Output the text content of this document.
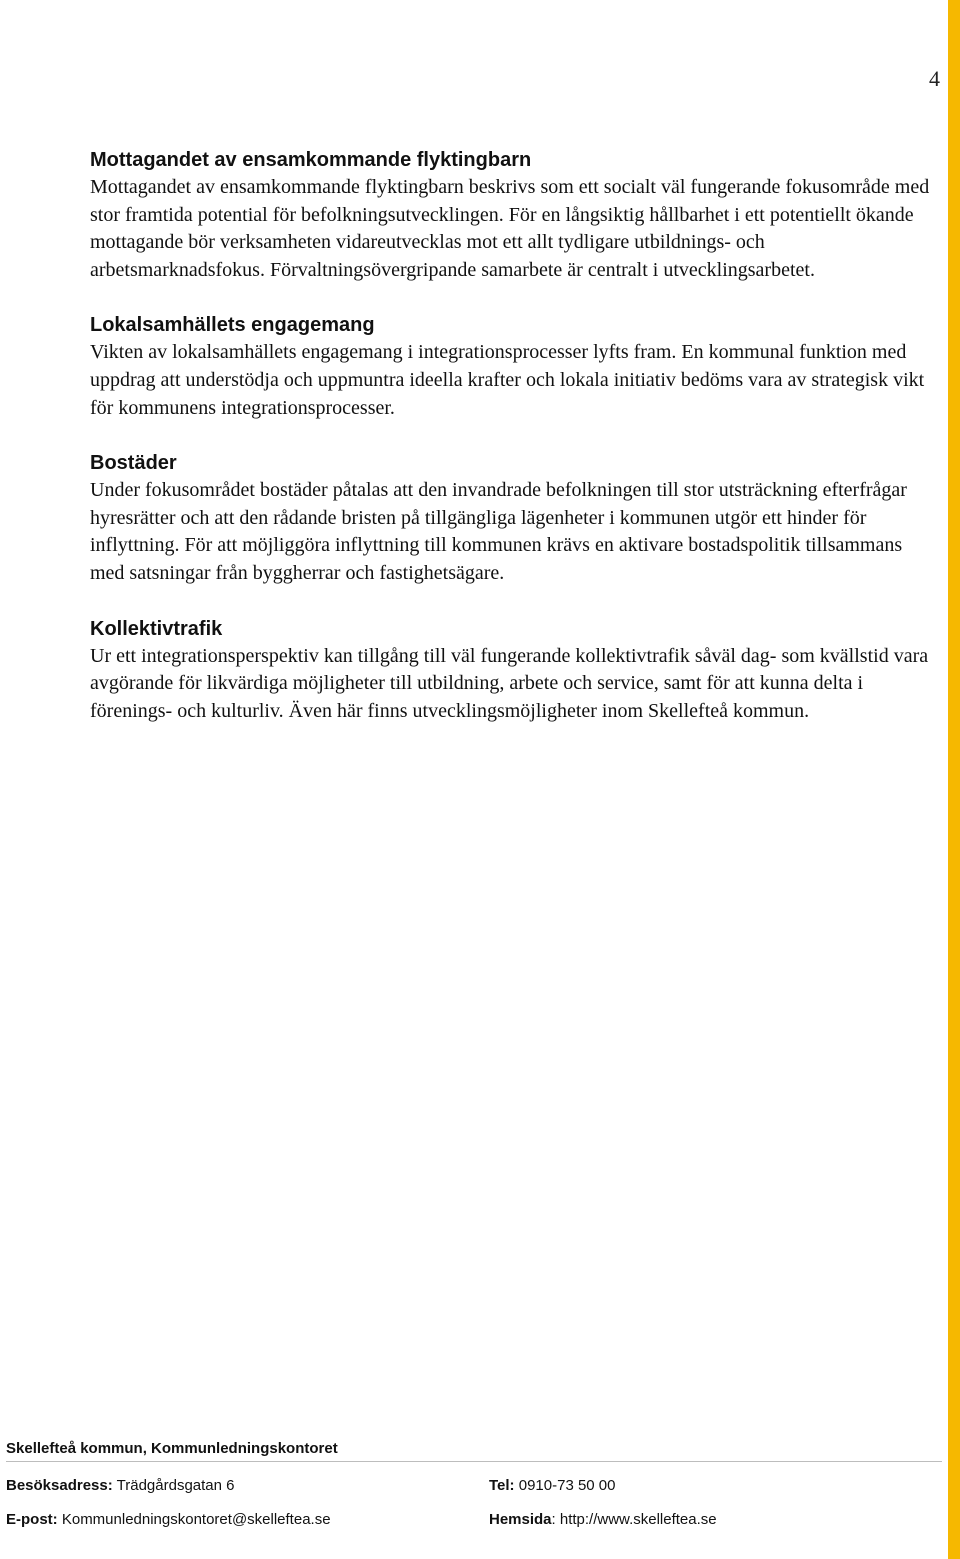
4
Mottagandet av ensamkommande flyktingbarn

Mottagandet av ensamkommande flyktingbarn beskrivs som ett socialt väl fungerande fokusområde med stor framtida potential för befolkningsutvecklingen. För en långsiktig hållbarhet i ett potentiellt ökande mottagande bör verksamheten vidareutvecklas mot ett allt tydligare utbildnings- och arbetsmarknadsfokus. Förvaltningsövergripande samarbete är centralt i utvecklingsarbetet.

Lokalsamhällets engagemang

Vikten av lokalsamhällets engagemang i integrationsprocesser lyfts fram. En kommunal funktion med uppdrag att understödja och uppmuntra ideella krafter och lokala initiativ bedöms vara av strategisk vikt för kommunens integrationsprocesser.

Bostäder

Under fokusområdet bostäder påtalas att den invandrade befolkningen till stor utsträckning efterfrågar hyresrätter och att den rådande bristen på tillgängliga lägenheter i kommunen utgör ett hinder för inflyttning. För att möjliggöra inflyttning till kommunen krävs en aktivare bostadspolitik tillsammans med satsningar från byggherrar och fastighetsägare.

Kollektivtrafik

Ur ett integrationsperspektiv kan tillgång till väl fungerande kollektivtrafik såväl dag- som kvällstid vara avgörande för likvärdiga möjligheter till utbildning, arbete och service, samt för att kunna delta i förenings- och kulturliv. Även här finns utvecklingsmöjligheter inom Skellefteå kommun.

Skellefteå kommun, Kommunledningskontoret
Besöksadress: Trädgårdsgatan 6	Tel: 0910-73 50 00
E-post: Kommunledningskontoret@skelleftea.se	Hemsida: http://www.skelleftea.se
